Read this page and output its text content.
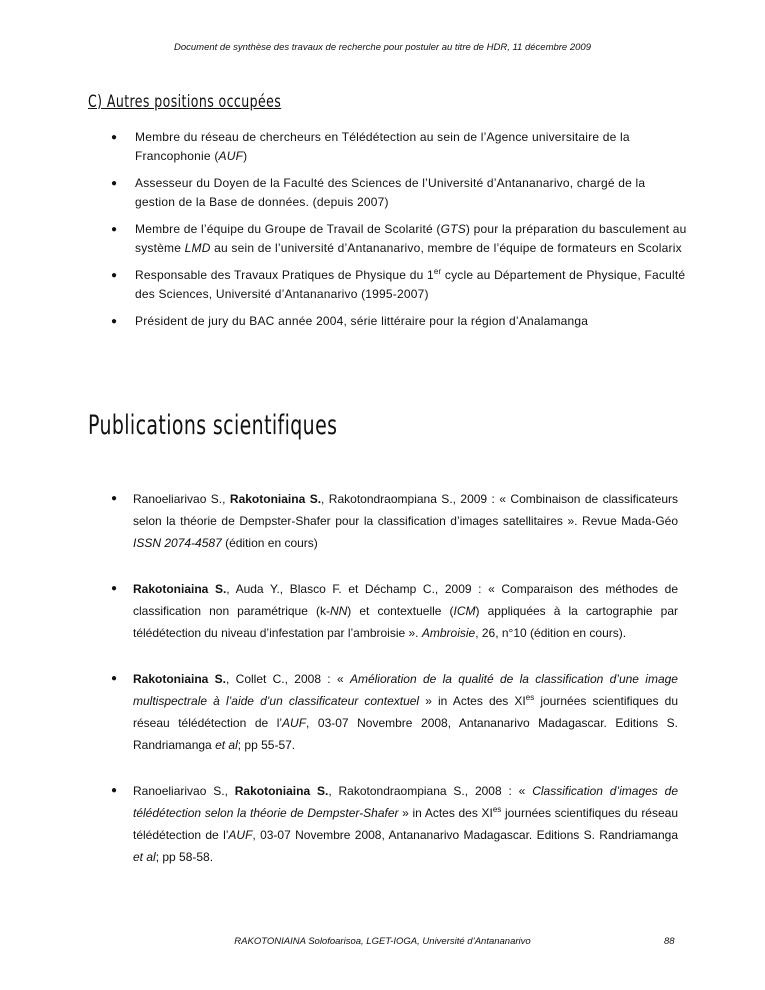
Document de synthèse des travaux de recherche pour postuler au titre de HDR, 11 décembre 2009
C) Autres positions occupées
● Membre du réseau de chercheurs en Télédétection au sein de l’Agence universitaire de la Francophonie (AUF)
● Assesseur du Doyen de la Faculté des Sciences de l’Université d’Antananarivo, chargé de la gestion de la Base de données. (depuis 2007)
● Membre de l’équipe du Groupe de Travail de Scolarité (GTS) pour la préparation du basculement au système LMD au sein de l’université d’Antananarivo, membre de l’équipe de formateurs en Scolarix
● Responsable des Travaux Pratiques de Physique du 1er cycle au Département de Physique, Faculté des Sciences, Université d’Antananarivo (1995-2007)
● Président de jury du BAC année 2004, série littéraire pour la région d’Analamanga
Publications scientifiques
● Ranoeliarivao S., Rakotoniaina S., Rakotondraompiana S., 2009 : « Combinaison de classificateurs selon la théorie de Dempster-Shafer pour la classification d’images satellitaires ». Revue Mada-Géo ISSN 2074-4587 (édition en cours)
● Rakotoniaina S., Auda Y., Blasco F. et Déchamp C., 2009 : « Comparaison des méthodes de classification non paramétrique (k-NN) et contextuelle (ICM) appliquées à la cartographie par télédétection du niveau d’infestation par l’ambroisie ». Ambroisie, 26, n°10 (édition en cours).
● Rakotoniaina S., Collet C., 2008 : « Amélioration de la qualité de la classification d’une image multispectrale à l’aide d’un classificateur contextuel » in Actes des $XI^{es}$ journées scientifiques du réseau télédétection de l’AUF, 03-07 Novembre 2008, Antananarivo Madagascar. Editions S. Randriamanga et al; pp 55-57.
● Ranoeliarivao S., Rakotoniaina S., Rakotondraompiana S., 2008 : « Classification d’images de télédétection selon la théorie de Dempster-Shafer » in Actes des $XI^{es}$ journées scientifiques du réseau télédétection de l’AUF, 03-07 Novembre 2008, Antananarivo Madagascar. Editions S. Randriamanga et al; pp 58-58.
RAKOTONIAINA Solofoarisoa, LGET-IOGA, Université d’Antananarivo	88
